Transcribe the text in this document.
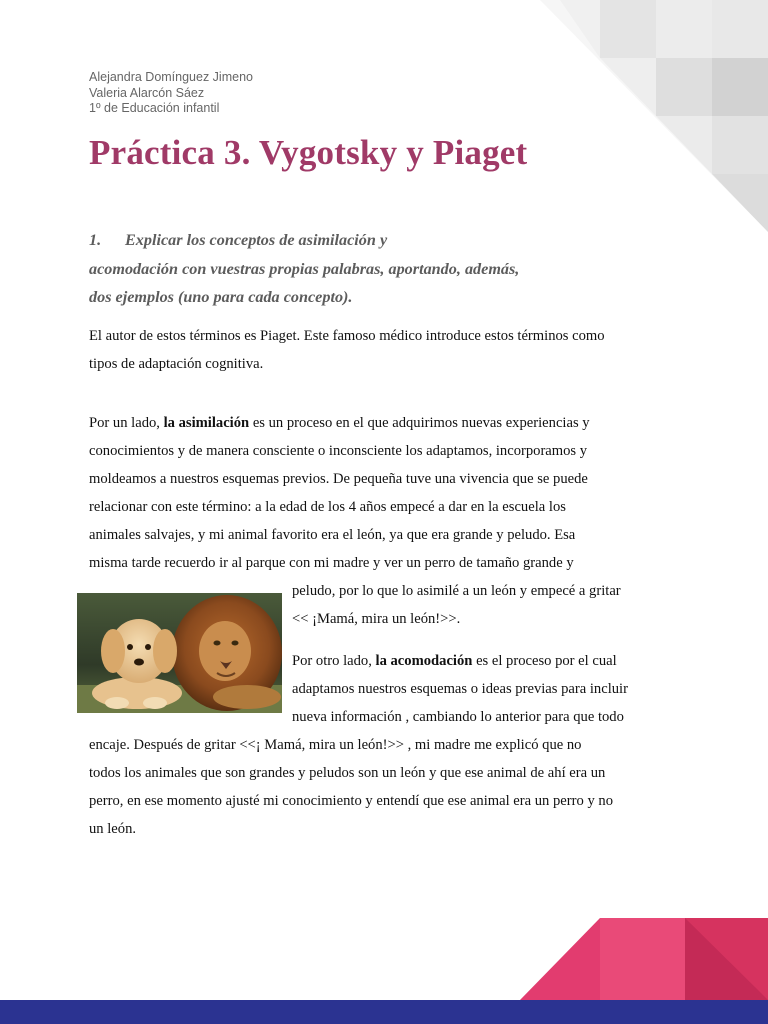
Alejandra Domínguez Jimeno
Valeria Alarcón Sáez
1º de Educación infantil
Práctica 3. Vygotsky y Piaget
1. Explicar los conceptos de asimilación y
acomodación con vuestras propias palabras, aportando, además,
dos ejemplos (uno para cada concepto).
El autor de estos términos es Piaget. Este famoso médico introduce estos términos como
tipos de adaptación cognitiva.
Por un lado, la asimilación es un proceso en el que adquirimos nuevas experiencias y
conocimientos y de manera consciente o inconsciente los adaptamos, incorporamos y
moldeamos a nuestros esquemas previos. De pequeña tuve una vivencia que se puede
relacionar con este término: a la edad de los 4 años empecé a dar en la escuela los
animales salvajes, y mi animal favorito era el león, ya que era grande y peludo. Esa
misma tarde recuerdo ir al parque con mi madre y ver un perro de tamaño grande y
peludo, por lo que lo asimilé a un león y empecé a gritar
<< ¡Mamá, mira un león!>>.
Por otro lado, la acomodación es el proceso por el cual
adaptamos nuestros esquemas o ideas previas para incluir
nueva información , cambiando lo anterior para que todo
encaje. Después de gritar <<¡ Mamá, mira un león!>> , mi madre me explicó que no
todos los animales que son grandes y peludos son un león y que ese animal de ahí era un
perro, en ese momento ajusté mi conocimiento y entendí que ese animal era un perro y no
un león.
